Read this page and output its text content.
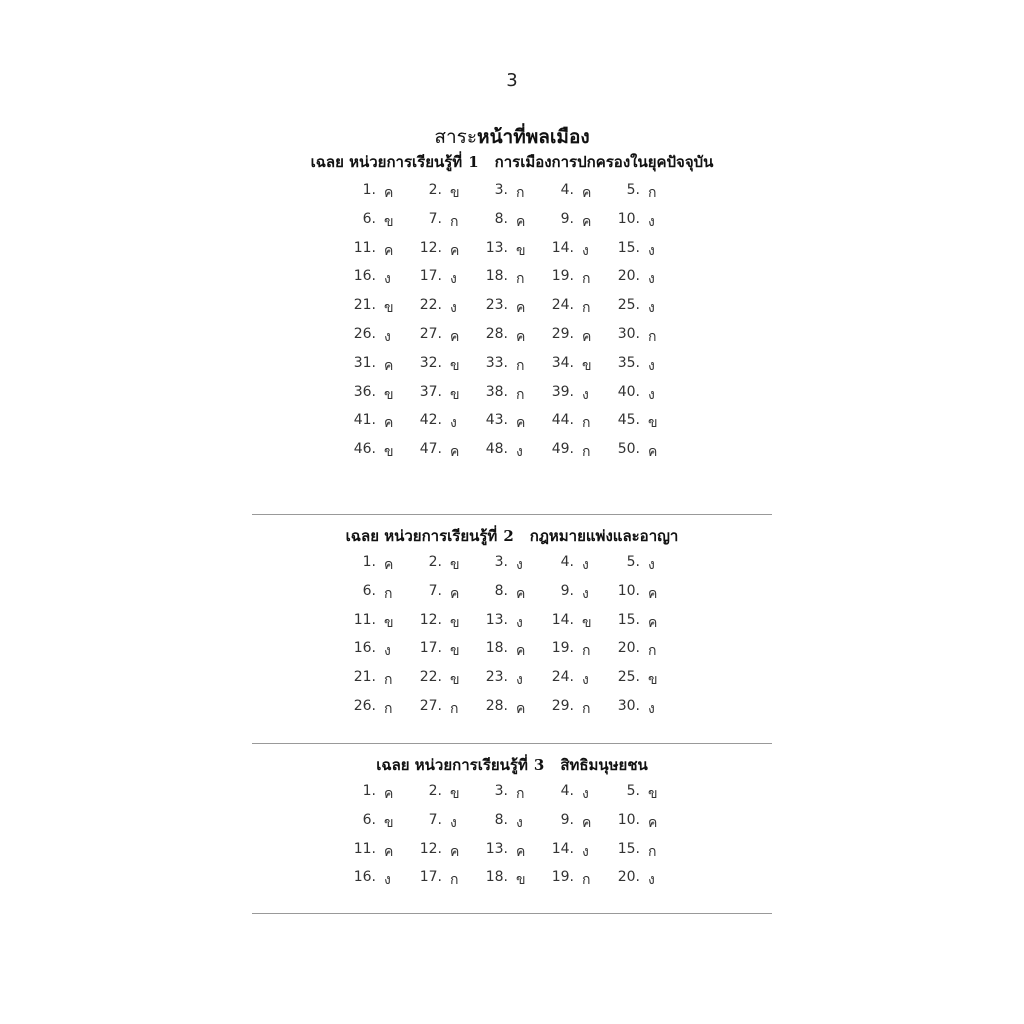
3
สาระหน้าที่พลเมือง
เฉลย หน่วยการเรียนรู้ที่ 1 การเมืองการปกครองในยุคปัจจุบัน
1. ค	2. ข	3. ก	4. ค	5. ก
6. ข	7. ก	8. ค	9. ค 10. ง
11. ค 12. ค 13. ข 14. ง 15. ง
16. ง 17. ง 18. ก 19. ก 20. ง
21. ข 22. ง 23. ค 24. ก 25. ง
26. ง 27. ค 28. ค 29. ค 30. ก
31. ค 32. ข 33. ก 34. ข 35. ง
36. ข 37. ข 38. ก 39. ง 40. ง
41. ค 42. ง 43. ค 44. ก 45. ข
46. ข 47. ค 48. ง 49. ก 50. ค
เฉลย หน่วยการเรียนรู้ที่ 2 กฎหมายแพ่งและอาญา
1. ค	2. ข	3. ง	4. ง	5. ง
6. ก	7. ค	8. ค	9. ง 10. ค
11. ข 12. ข 13. ง 14. ข 15. ค
16. ง 17. ข 18. ค 19. ก 20. ก
21. ก 22. ข 23. ง 24. ง 25. ข
26. ก 27. ก 28. ค 29. ก 30. ง
เฉลย หน่วยการเรียนรู้ที่ 3 สิทธิมนุษยชน
1. ค	2. ข	3. ก	4. ง	5. ข
6. ข	7. ง	8. ง	9. ค 10. ค
11. ค 12. ค 13. ค 14. ง 15. ก
16. ง 17. ก 18. ข 19. ก 20. ง
